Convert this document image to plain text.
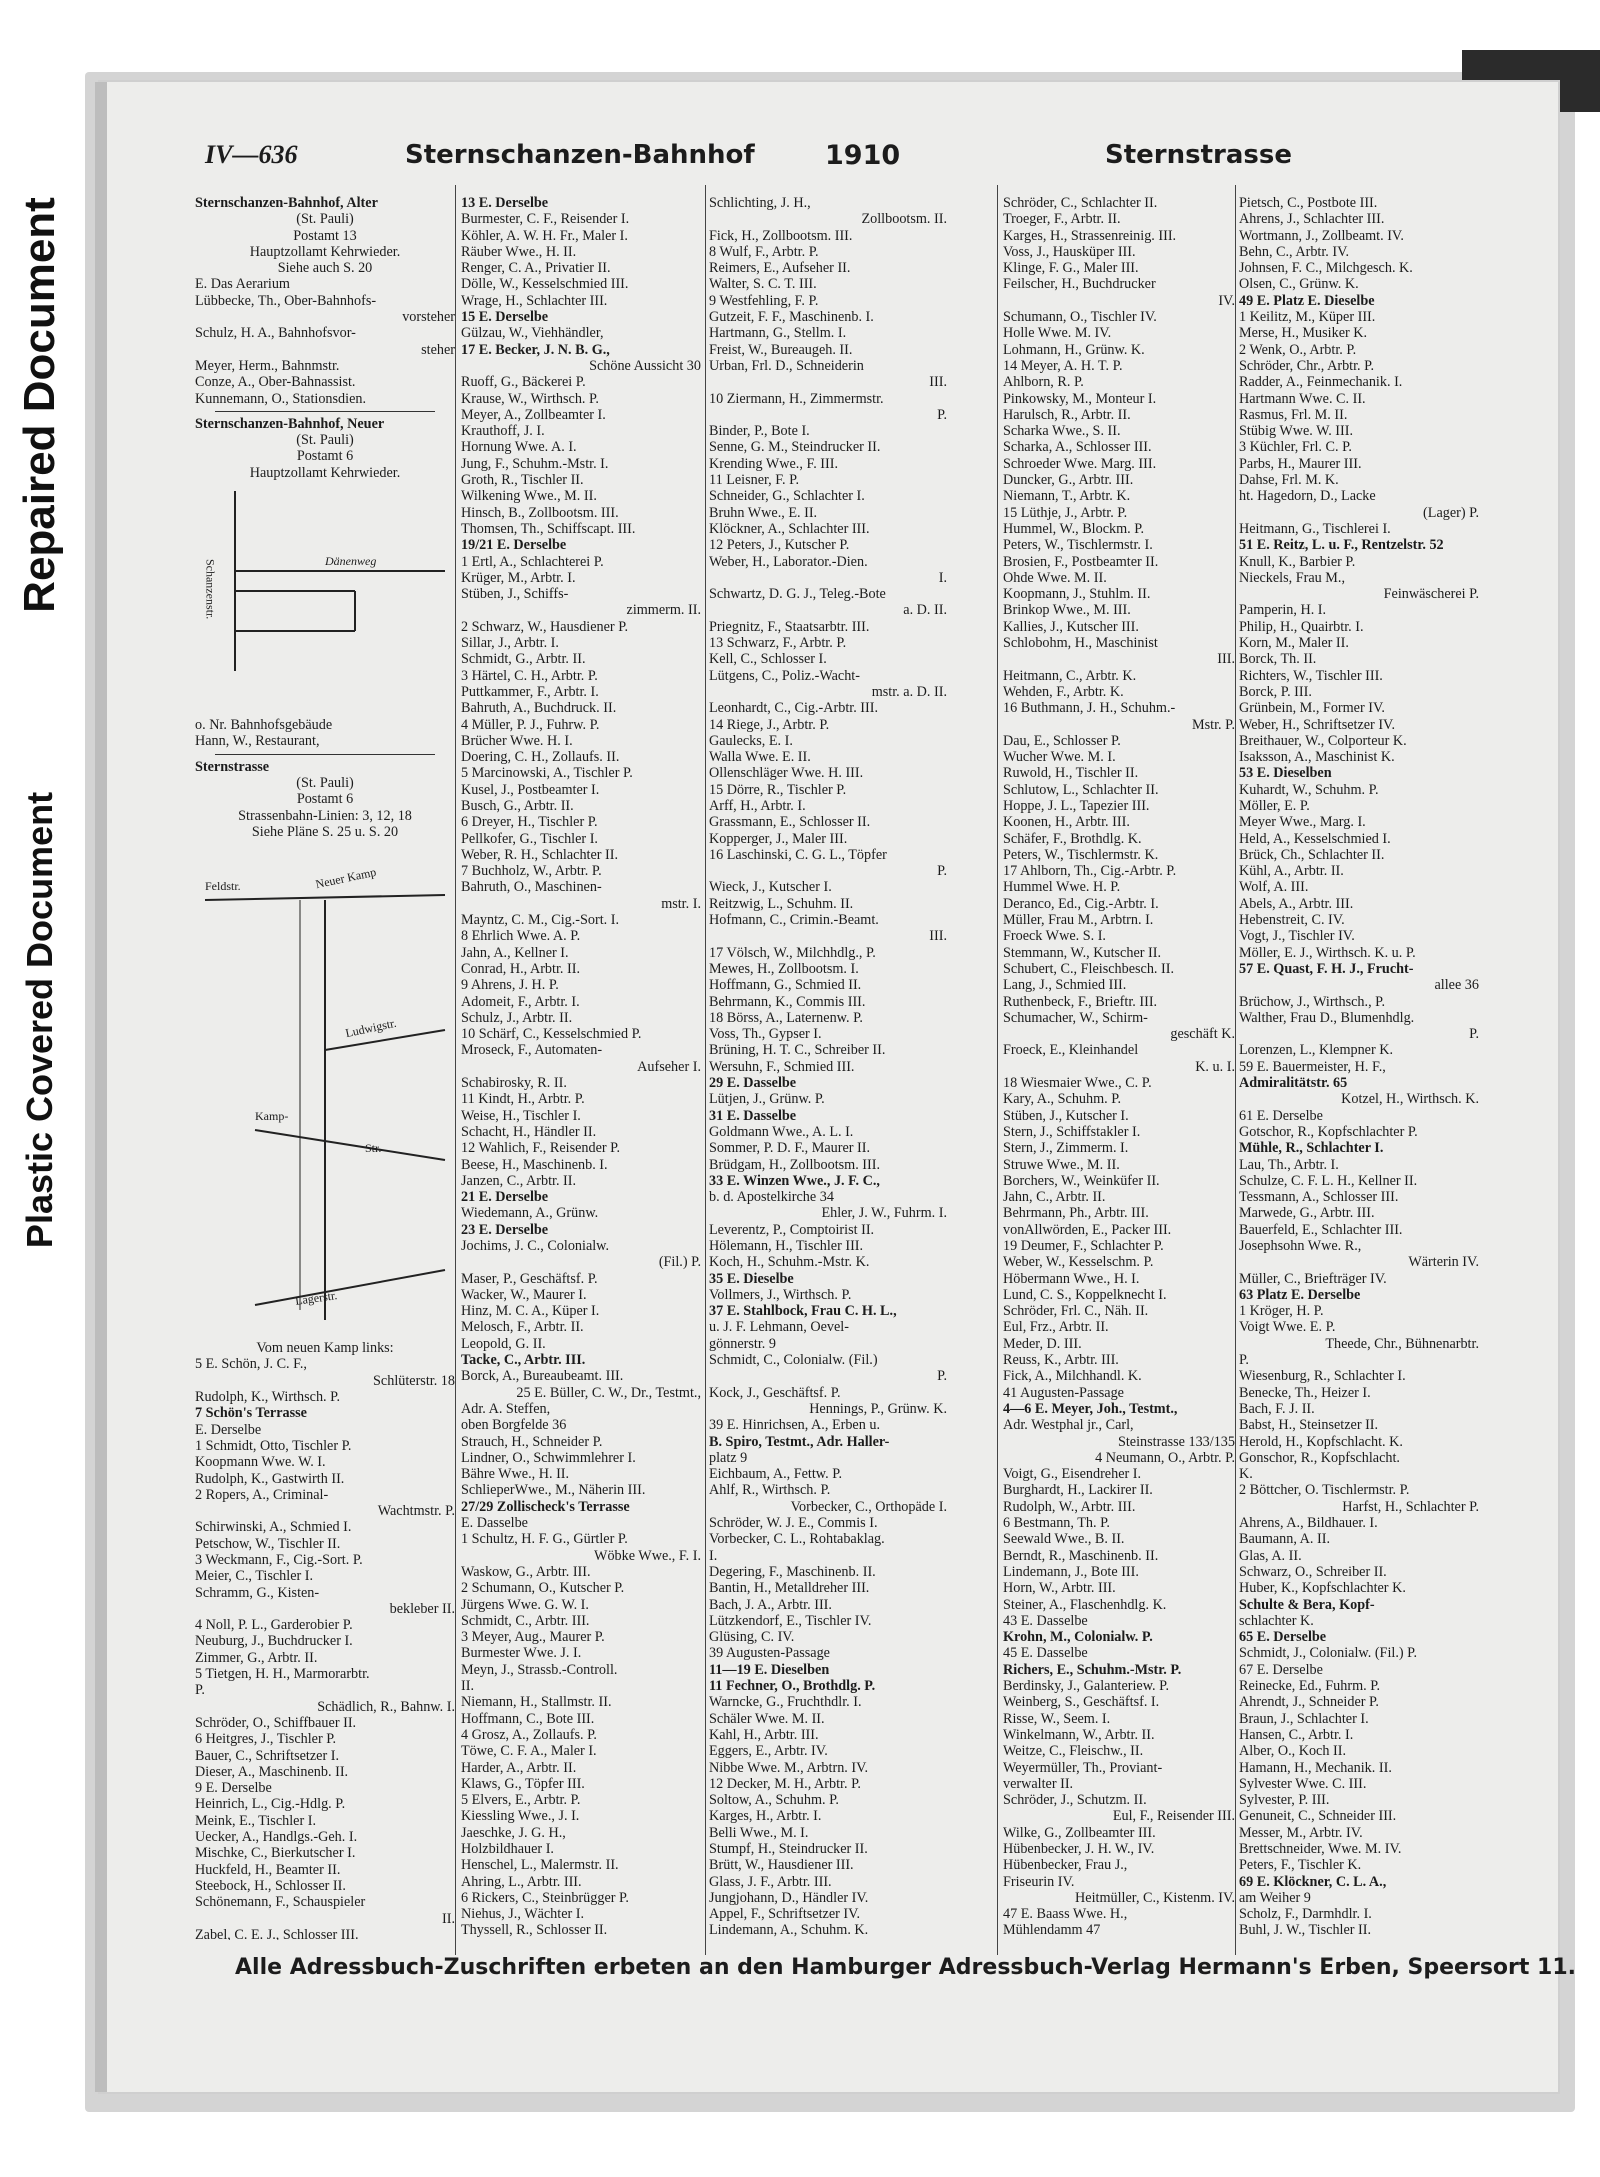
Repaired Document
Plastic Covered Document
IV—636	Sternschanzen-Bahnhof	1910	Sternstrasse
Sternschanzen-Bahnhof, Alter
(St. Pauli)
Postamt 13
Hauptzollamt Kehrwieder.
Siehe auch S. 20
E. Das Aerarium
Lübbecke, Th., Ober-Bahnhofs-
vorsteher
Schulz, H. A., Bahnhofsvor-
steher
Meyer, Herm., Bahnmstr.
Conze, A., Ober-Bahnassist.
Kunnemann, O., Stationsdien.
Sternschanzen-Bahnhof, Neuer
(St. Pauli)
Postamt 6
Hauptzollamt Kehrwieder.
Dänenweg
Schanzenstr.
o. Nr. Bahnhofsgebäude
Hann, W., Restaurant,
Sternstrasse
(St. Pauli)
Postamt 6
Strassenbahn-Linien: 3, 12, 18
Siehe Pläne S. 25 u. S. 20
Feldstr.	Neuer Kamp
Ludwigstr.
Kamp-
Str.
Lagerstr.
Vom neuen Kamp links:
5 E. Schön, J. C. F.,
Schlüterstr. 18
Rudolph, K., Wirthsch. P.
7 Schön's Terrasse
E. Derselbe
1 Schmidt, Otto, Tischler P.
Koopmann Wwe. W. I.
Rudolph, K., Gastwirth II.
2 Ropers, A., Criminal-
Wachtmstr. P.
Schirwinski, A., Schmied I.
Petschow, W., Tischler II.
3 Weckmann, F., Cig.-Sort. P.
Meier, C., Tischler I.
Schramm, G., Kisten-
bekleber II.
4 Noll, P. L., Garderobier P.
Neuburg, J., Buchdrucker I.
Zimmer, G., Arbtr. II.
5 Tietgen, H. H., Marmorarbtr.
P.
Schädlich, R., Bahnw. I.
Schröder, O., Schiffbauer II.
6 Heitgres, J., Tischler P.
Bauer, C., Schriftsetzer I.
Dieser, A., Maschinenb. II.
9 E. Derselbe
Heinrich, L., Cig.-Hdlg. P.
Meink, E., Tischler I.
Uecker, A., Handlgs.-Geh. I.
Mischke, C., Bierkutscher I.
Huckfeld, H., Beamter II.
Steebock, H., Schlosser II.
Schönemann, F., Schauspieler
II.
Zabel, C. E. J., Schlosser III.
13 E. Derselbe
Burmester, C. F., Reisender I.
Köhler, A. W. H. Fr., Maler I.
Räuber Wwe., H. II.
Renger, C. A., Privatier II.
Dölle, W., Kesselschmied III.
Wrage, H., Schlachter III.
15 E. Derselbe
Gülzau, W., Viehhändler,
17 E. Becker, J. N. B. G.,
Schöne Aussicht 30
Ruoff, G., Bäckerei P.
Krause, W., Wirthsch. P.
Meyer, A., Zollbeamter I.
Krauthoff, J. I.
Hornung Wwe. A. I.
Jung, F., Schuhm.-Mstr. I.
Groth, R., Tischler II.
Wilkening Wwe., M. II.
Hinsch, B., Zollbootsm. III.
Thomsen, Th., Schiffscapt. III.
19/21 E. Derselbe
1 Ertl, A., Schlachterei P.
Krüger, M., Arbtr. I.
Stüben, J., Schiffs-
zimmerm. II.
2 Schwarz, W., Hausdiener P.
Sillar, J., Arbtr. I.
Schmidt, G., Arbtr. II.
3 Härtel, C. H., Arbtr. P.
Puttkammer, F., Arbtr. I.
Bahruth, A., Buchdruck. II.
4 Müller, P. J., Fuhrw. P.
Brücher Wwe. H. I.
Doering, C. H., Zollaufs. II.
5 Marcinowski, A., Tischler P.
Kusel, J., Postbeamter I.
Busch, G., Arbtr. II.
6 Dreyer, H., Tischler P.
Pellkofer, G., Tischler I.
Weber, R. H., Schlachter II.
7 Buchholz, W., Arbtr. P.
Bahruth, O., Maschinen-
mstr. I.
Mayntz, C. M., Cig.-Sort. I.
8 Ehrlich Wwe. A. P.
Jahn, A., Kellner I.
Conrad, H., Arbtr. II.
9 Ahrens, J. H. P.
Adomeit, F., Arbtr. I.
Schulz, J., Arbtr. II.
10 Schärf, C., Kesselschmied P.
Mroseck, F., Automaten-
Aufseher I.
Schabirosky, R. II.
11 Kindt, H., Arbtr. P.
Weise, H., Tischler I.
Schacht, H., Händler II.
12 Wahlich, F., Reisender P.
Beese, H., Maschinenb. I.
Janzen, C., Arbtr. II.
21 E. Derselbe
Wiedemann, A., Grünw.
23 E. Derselbe
Jochims, J. C., Colonialw.
(Fil.) P.
Maser, P., Geschäftsf. P.
Wacker, W., Maurer I.
Hinz, M. C. A., Küper I.
Melosch, F., Arbtr. II.
Leopold, G. II.
Tacke, C., Arbtr. III.
Borck, A., Bureaubeamt. III.
25 E. Büller, C. W., Dr., Testmt.,
Adr. A. Steffen,
oben Borgfelde 36
Strauch, H., Schneider P.
Lindner, O., Schwimmlehrer I.
Bähre Wwe., H. II.
SchlieperWwe., M., Näherin III.
27/29 Zollischeck's Terrasse
E. Dasselbe
1 Schultz, H. F. G., Gürtler P.
Wöbke Wwe., F. I.
Waskow, G., Arbtr. III.
2 Schumann, O., Kutscher P.
Jürgens Wwe. G. W. I.
Schmidt, C., Arbtr. III.
3 Meyer, Aug., Maurer P.
Burmester Wwe. J. I.
Meyn, J., Strassb.-Controll.
II.
Niemann, H., Stallmstr. II.
Hoffmann, C., Bote III.
4 Grosz, A., Zollaufs. P.
Töwe, C. F. A., Maler I.
Harder, A., Arbtr. II.
Klaws, G., Töpfer III.
5 Elvers, E., Arbtr. P.
Kiessling Wwe., J. I.
Jaeschke, J. G. H.,
Holzbildhauer I.
Henschel, L., Malermstr. II.
Ahring, L., Arbtr. III.
6 Rickers, C., Steinbrügger P.
Niehus, J., Wächter I.
Thyssell, R., Schlosser II.
Schlichting, J. H.,
Zollbootsm. II.
Fick, H., Zollbootsm. III.
8 Wulf, F., Arbtr. P.
Reimers, E., Aufseher II.
Walter, S. C. T. III.
9 Westfehling, F. P.
Gutzeit, F. F., Maschinenb. I.
Hartmann, G., Stellm. I.
Freist, W., Bureaugeh. II.
Urban, Frl. D., Schneiderin
III.
10 Ziermann, H., Zimmermstr.
P.
Binder, P., Bote I.
Senne, G. M., Steindrucker II.
Krending Wwe., F. III.
11 Leisner, F. P.
Schneider, G., Schlachter I.
Bruhn Wwe., E. II.
Klöckner, A., Schlachter III.
12 Peters, J., Kutscher P.
Weber, H., Laborator.-Dien.
I.
Schwartz, D. G. J., Teleg.-Bote
a. D. II.
Priegnitz, F., Staatsarbtr. III.
13 Schwarz, F., Arbtr. P.
Kell, C., Schlosser I.
Lütgens, C., Poliz.-Wacht-
mstr. a. D. II.
Leonhardt, C., Cig.-Arbtr. III.
14 Riege, J., Arbtr. P.
Gaulecks, E. I.
Walla Wwe. E. II.
Ollenschläger Wwe. H. III.
15 Dörre, R., Tischler P.
Arff, H., Arbtr. I.
Grassmann, E., Schlosser II.
Kopperger, J., Maler III.
16 Laschinski, C. G. L., Töpfer
P.
Wieck, J., Kutscher I.
Reitzwig, L., Schuhm. II.
Hofmann, C., Crimin.-Beamt.
III.
17 Völsch, W., Milchhdlg., P.
Mewes, H., Zollbootsm. I.
Hoffmann, G., Schmied II.
Behrmann, K., Commis III.
18 Börss, A., Laternenw. P.
Voss, Th., Gypser I.
Brüning, H. T. C., Schreiber II.
Wersuhn, F., Schmied III.
29 E. Dasselbe
Lütjen, J., Grünw. P.
31 E. Dasselbe
Goldmann Wwe., A. L. I.
Sommer, P. D. F., Maurer II.
Brüdgam, H., Zollbootsm. III.
33 E. Winzen Wwe., J. F. C.,
b. d. Apostelkirche 34
Ehler, J. W., Fuhrm. I.
Leverentz, P., Comptoirist II.
Hölemann, H., Tischler III.
Koch, H., Schuhm.-Mstr. K.
35 E. Dieselbe
Vollmers, J., Wirthsch. P.
37 E. Stahlbock, Frau C. H. L.,
u. J. F. Lehmann, Oevel-
gönnerstr. 9
Schmidt, C., Colonialw. (Fil.)
P.
Kock, J., Geschäftsf. P.
Hennings, P., Grünw. K.
39 E. Hinrichsen, A., Erben u.
B. Spiro, Testmt., Adr. Haller-
platz 9
Eichbaum, A., Fettw. P.
Ahlf, R., Wirthsch. P.
Vorbecker, C., Orthopäde I.
Schröder, W. J. E., Commis I.
Vorbecker, C. L., Rohtabaklag.
I.
Degering, F., Maschinenb. II.
Bantin, H., Metalldreher III.
Bach, J. A., Arbtr. III.
Lützkendorf, E., Tischler IV.
Glüsing, C. IV.
39 Augusten-Passage
11—19 E. Dieselben
11 Fechner, O., Brothdlg. P.
Warncke, G., Fruchthdlr. I.
Schäler Wwe. M. II.
Kahl, H., Arbtr. III.
Eggers, E., Arbtr. IV.
Nibbe Wwe. M., Arbtrn. IV.
12 Decker, M. H., Arbtr. P.
Soltow, A., Schuhm. P.
Karges, H., Arbtr. I.
Belli Wwe., M. I.
Stumpf, H., Steindrucker II.
Brütt, W., Hausdiener III.
Glass, J. F., Arbtr. III.
Jungjohann, D., Händler IV.
Appel, F., Schriftsetzer IV.
Lindemann, A., Schuhm. K.
Schröder, C., Schlachter II.
Troeger, F., Arbtr. II.
Karges, H., Strassenreinig. III.
Voss, J., Hausküper III.
Klinge, F. G., Maler III.
Feilscher, H., Buchdrucker
IV.
Schumann, O., Tischler IV.
Holle Wwe. M. IV.
Lohmann, H., Grünw. K.
14 Meyer, A. H. T. P.
Ahlborn, R. P.
Pinkowsky, M., Monteur I.
Harulsch, R., Arbtr. II.
Scharka Wwe., S. II.
Scharka, A., Schlosser III.
Schroeder Wwe. Marg. III.
Duncker, G., Arbtr. III.
Niemann, T., Arbtr. K.
15 Lüthje, J., Arbtr. P.
Hummel, W., Blockm. P.
Peters, W., Tischlermstr. I.
Brosien, F., Postbeamter II.
Ohde Wwe. M. II.
Koopmann, J., Stuhlm. II.
Brinkop Wwe., M. III.
Kallies, J., Kutscher III.
Schlobohm, H., Maschinist
III.
Heitmann, C., Arbtr. K.
Wehden, F., Arbtr. K.
16 Buthmann, J. H., Schuhm.-
Mstr. P.
Dau, E., Schlosser P.
Wucher Wwe. M. I.
Ruwold, H., Tischler II.
Schlutow, L., Schlachter II.
Hoppe, J. L., Tapezier III.
Koonen, H., Arbtr. III.
Schäfer, F., Brothdlg. K.
Peters, W., Tischlermstr. K.
17 Ahlborn, Th., Cig.-Arbtr. P.
Hummel Wwe. H. P.
Deranco, Ed., Cig.-Arbtr. I.
Müller, Frau M., Arbtrn. I.
Froeck Wwe. S. I.
Stemmann, W., Kutscher II.
Schubert, C., Fleischbesch. II.
Lang, J., Schmied III.
Ruthenbeck, F., Brieftr. III.
Schumacher, W., Schirm-
geschäft K.
Froeck, E., Kleinhandel
K. u. I.
18 Wiesmaier Wwe., C. P.
Kary, A., Schuhm. P.
Stüben, J., Kutscher I.
Stern, J., Schiffstakler I.
Stern, J., Zimmerm. I.
Struwe Wwe., M. II.
Borchers, W., Weinküfer II.
Jahn, C., Arbtr. II.
Behrmann, Ph., Arbtr. III.
vonAllwörden, E., Packer III.
19 Deumer, F., Schlachter P.
Weber, W., Kesselschm. P.
Höbermann Wwe., H. I.
Lund, C. S., Koppelknecht I.
Schröder, Frl. C., Näh. II.
Eul, Frz., Arbtr. II.
Meder, D. III.
Reuss, K., Arbtr. III.
Fick, A., Milchhandl. K.
41 Augusten-Passage
4—6 E. Meyer, Joh., Testmt.,
Adr. Westphal jr., Carl,
Steinstrasse 133/135
4 Neumann, O., Arbtr. P.
Voigt, G., Eisendreher I.
Burghardt, H., Lackirer II.
Rudolph, W., Arbtr. III.
6 Bestmann, Th. P.
Seewald Wwe., B. II.
Berndt, R., Maschinenb. II.
Lindemann, J., Bote III.
Horn, W., Arbtr. III.
Steiner, A., Flaschenhdlg. K.
43 E. Dasselbe
Krohn, M., Colonialw. P.
45 E. Dasselbe
Richers, E., Schuhm.-Mstr. P.
Berdinsky, J., Galanteriew. P.
Weinberg, S., Geschäftsf. I.
Risse, W., Seem. I.
Winkelmann, W., Arbtr. II.
Weitze, C., Fleischw., II.
Weyermüller, Th., Proviant-
verwalter II.
Schröder, J., Schutzm. II.
Eul, F., Reisender III.
Wilke, G., Zollbeamter III.
Hübenbecker, J. H. W., IV.
Hübenbecker, Frau J.,
Friseurin IV.
Heitmüller, C., Kistenm. IV.
47 E. Baass Wwe. H.,
Mühlendamm 47
Pietsch, C., Postbote III.
Ahrens, J., Schlachter III.
Wortmann, J., Zollbeamt. IV.
Behn, C., Arbtr. IV.
Johnsen, F. C., Milchgesch. K.
Olsen, C., Grünw. K.
49 E. Platz E. Dieselbe
1 Keilitz, M., Küper III.
Merse, H., Musiker K.
2 Wenk, O., Arbtr. P.
Schröder, Chr., Arbtr. P.
Radder, A., Feinmechanik. I.
Hartmann Wwe. C. II.
Rasmus, Frl. M. II.
Stübig Wwe. W. III.
3 Küchler, Frl. C. P.
Parbs, H., Maurer III.
Dahse, Frl. M. K.
ht. Hagedorn, D., Lacke
(Lager) P.
Heitmann, G., Tischlerei I.
51 E. Reitz, L. u. F., Rentzelstr. 52
Knull, K., Barbier P.
Nieckels, Frau M.,
Feinwäscherei P.
Pamperin, H. I.
Philip, H., Quairbtr. I.
Korn, M., Maler II.
Borck, Th. II.
Richters, W., Tischler III.
Borck, P. III.
Grünbein, M., Former IV.
Weber, H., Schriftsetzer IV.
Breithauer, W., Colporteur K.
Isaksson, A., Maschinist K.
53 E. Dieselben
Kuhardt, W., Schuhm. P.
Möller, E. P.
Meyer Wwe., Marg. I.
Held, A., Kesselschmied I.
Brück, Ch., Schlachter II.
Kühl, A., Arbtr. II.
Wolf, A. III.
Abels, A., Arbtr. III.
Hebenstreit, C. IV.
Vogt, J., Tischler IV.
Möller, E. J., Wirthsch. K. u. P.
57 E. Quast, F. H. J., Frucht-
allee 36
Brüchow, J., Wirthsch., P.
Walther, Frau D., Blumenhdlg.
P.
Lorenzen, L., Klempner K.
59 E. Bauermeister, H. F.,
Admiralitätstr. 65
Kotzel, H., Wirthsch. K.
61 E. Derselbe
Gotschor, R., Kopfschlachter P.
Mühle, R., Schlachter I.
Lau, Th., Arbtr. I.
Schulze, C. F. L. H., Kellner II.
Tessmann, A., Schlosser III.
Marwede, G., Arbtr. III.
Bauerfeld, E., Schlachter III.
Josephsohn Wwe. R.,
Wärterin IV.
Müller, C., Briefträger IV.
63 Platz E. Derselbe
1 Kröger, H. P.
Voigt Wwe. E. P.
Theede, Chr., Bühnenarbtr.
P.
Wiesenburg, R., Schlachter I.
Benecke, Th., Heizer I.
Bach, F. J. II.
Babst, H., Steinsetzer II.
Herold, H., Kopfschlacht. K.
Gonschor, R., Kopfschlacht.
K.
2 Böttcher, O. Tischlermstr. P.
Harfst, H., Schlachter P.
Ahrens, A., Bildhauer. I.
Baumann, A. II.
Glas, A. II.
Schwarz, O., Schreiber II.
Huber, K., Kopfschlachter K.
Schulte & Bera, Kopf-
schlachter K.
65 E. Derselbe
Schmidt, J., Colonialw. (Fil.) P.
67 E. Derselbe
Reinecke, Ed., Fuhrm. P.
Ahrendt, J., Schneider P.
Braun, J., Schlachter I.
Hansen, C., Arbtr. I.
Alber, O., Koch II.
Hamann, H., Mechanik. II.
Sylvester Wwe. C. III.
Sylvester, P. III.
Genuneit, C., Schneider III.
Messer, M., Arbtr. IV.
Brettschneider, Wwe. M. IV.
Peters, F., Tischler K.
69 E. Klöckner, C. L. A.,
am Weiher 9
Scholz, F., Darmhdlr. I.
Buhl, J. W., Tischler II.
Alle Adressbuch-Zuschriften erbeten an den Hamburger Adressbuch-Verlag Hermann's Erben, Speersort 11.
